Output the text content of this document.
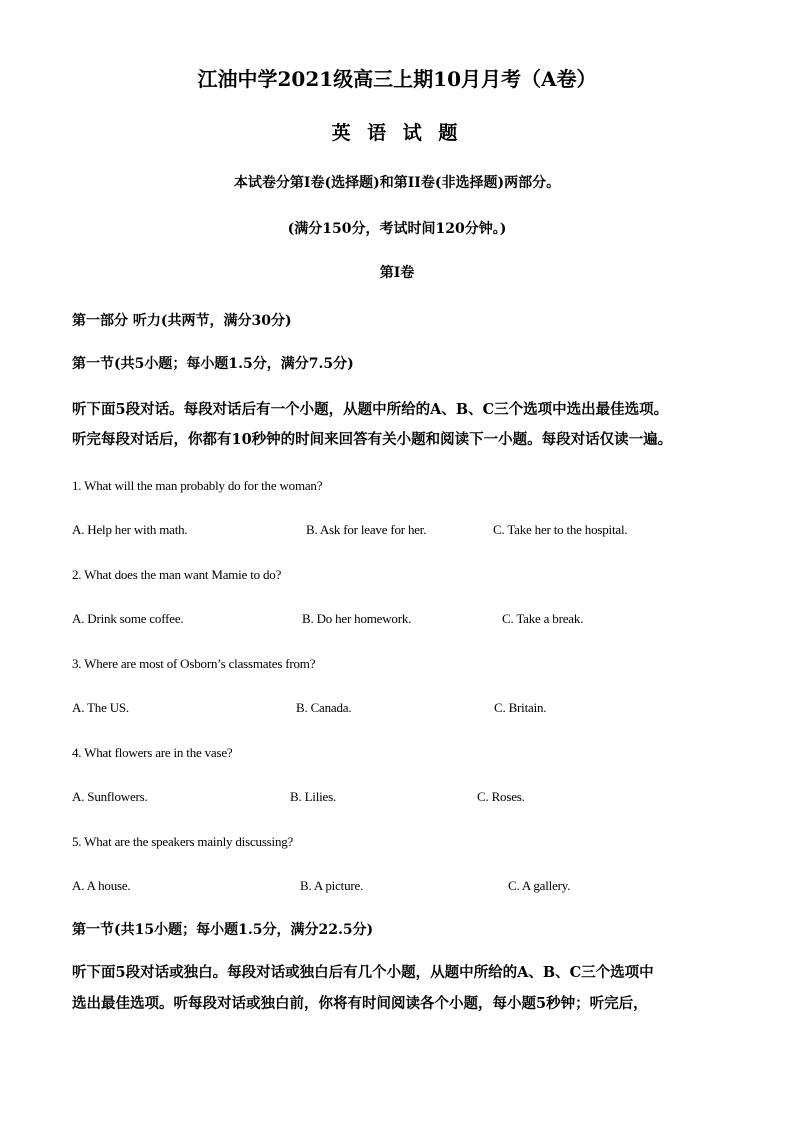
江油中学2021级高三上期10月月考（A卷）
英 语 试 题
本试卷分第I卷(选择题)和第II卷(非选择题)两部分。
(满分150分，考试时间120分钟。)
第I卷
第一部分 听力(共两节，满分30分)
第一节(共5小题；每小题1.5分，满分7.5分)
听下面5段对话。每段对话后有一个小题，从题中所给的A、B、C三个选项中选出最佳选项。
听完每段对话后，你都有10秒钟的时间来回答有关小题和阅读下一小题。每段对话仅读一遍。
1. What will the man probably do for the woman?
A. Help her with math.	B. Ask for leave for her.	C. Take her to the hospital.
2. What does the man want Mamie to do?
A. Drink some coffee.	B. Do her homework.	C. Take a break.
3. Where are most of Osborn’s classmates from?
A. The US.	B. Canada.	C. Britain.
4. What flowers are in the vase?
A. Sunflowers.	B. Lilies.	C. Roses.
5. What are the speakers mainly discussing?
A. A house.	B. A picture.	C. A gallery.
第一节(共15小题；每小题1.5分，满分22.5分)
听下面5段对话或独白。每段对话或独白后有几个小题，从题中所给的A、B、C三个选项中
选出最佳选项。听每段对话或独白前，你将有时间阅读各个小题，每小题5秒钟；听完后，
